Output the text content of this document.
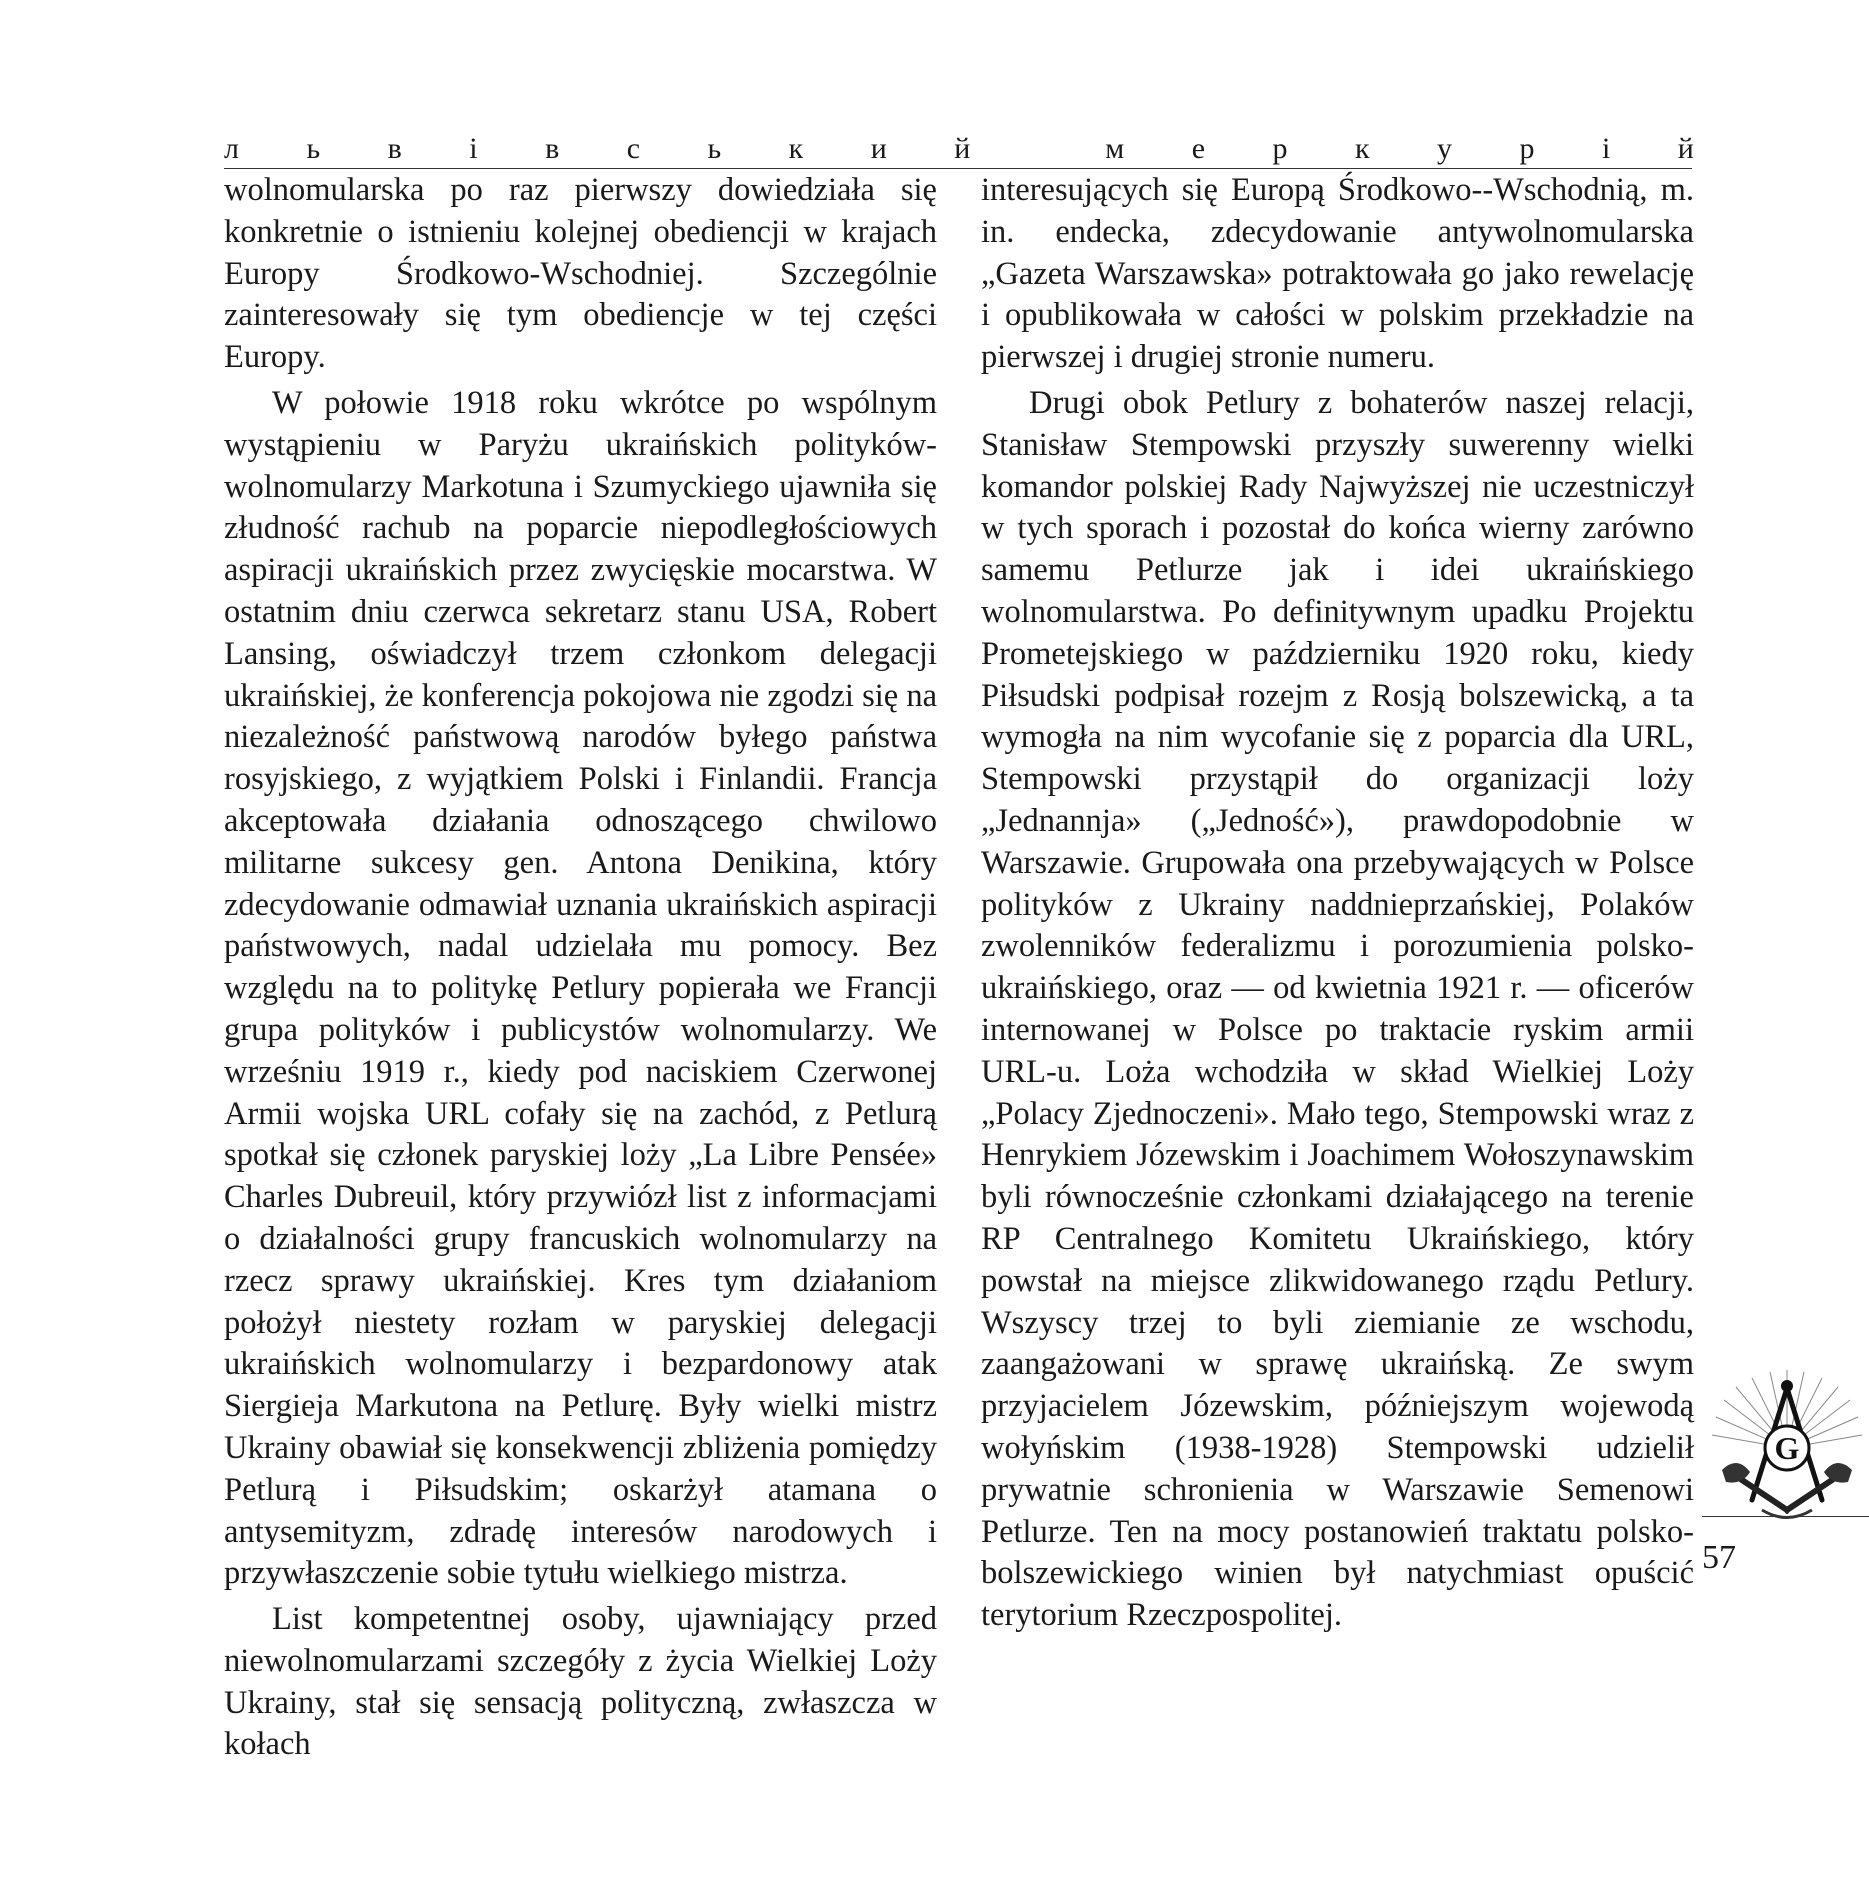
л ь в і в с ь к и й	м е р к у р і й

wolnomularska po raz pierwszy dowiedziała się konkretnie o istnieniu kolejnej obediencji w krajach Europy Środkowo-Wschodniej. Szczególnie zainteresowały się tym obediencje w tej części Europy.

W połowie 1918 roku wkrótce po wspólnym wystąpieniu w Paryżu ukraińskich polityków-wolnomularzy Markotuna i Szumyckiego ujawniła się złudność rachub na poparcie niepodległościowych aspiracji ukraińskich przez zwycięskie mocarstwa. W ostatnim dniu czerwca sekretarz stanu USA, Robert Lansing, oświadczył trzem członkom delegacji ukraińskiej, że konferencja pokojowa nie zgodzi się na niezależność państwową narodów byłego państwa rosyjskiego, z wyjątkiem Polski i Finlandii. Francja akceptowała działania odnoszącego chwilowo militarne sukcesy gen. Antona Denikina, który zdecydowanie odmawiał uznania ukraińskich aspiracji państwowych, nadal udzielała mu pomocy. Bez względu na to politykę Petlury popierała we Francji grupa polityków i publicystów wolnomularzy. We wrześniu 1919 r., kiedy pod naciskiem Czerwonej Armii wojska URL cofały się na zachód, z Petlurą spotkał się członek paryskiej loży „La Libre Pensée» Charles Dubreuil, który przywiózł list z informacjami o działalności grupy francuskich wolnomularzy na rzecz sprawy ukraińskiej. Kres tym działaniom położył niestety rozłam w paryskiej delegacji ukraińskich wolnomularzy i bezpardonowy atak Siergieja Markutona na Petlurę. Były wielki mistrz Ukrainy obawiał się konsekwencji zbliżenia pomiędzy Petlurą i Piłsudskim; oskarżył atamana o antysemityzm, zdradę interesów narodowych i przywłaszczenie sobie tytułu wielkiego mistrza.

List kompetentnej osoby, ujawniający przed niewolnomularzami szczegóły z życia Wielkiej Loży Ukrainy, stał się sensacją polityczną, zwłaszcza w kołach

interesujących się Europą Środkowo--Wschodnią, m. in. endecka, zdecydowanie antywolnomularska „Gazeta Warszawska» potraktowała go jako rewelację i opublikowała w całości w polskim przekładzie na pierwszej i drugiej stronie numeru.

Drugi obok Petlury z bohaterów naszej relacji, Stanisław Stempowski przyszły suwerenny wielki komandor polskiej Rady Najwyższej nie uczestniczył w tych sporach i pozostał do końca wierny zarówno samemu Petlurze jak i idei ukraińskiego wolnomularstwa. Po definitywnym upadku Projektu Prometejskiego w październiku 1920 roku, kiedy Piłsudski podpisał rozejm z Rosją bolszewicką, a ta wymogła na nim wycofanie się z poparcia dla URL, Stempowski przystąpił do organizacji loży „Jednannja» („Jedność»), prawdopodobnie w Warszawie. Grupowała ona przebywających w Polsce polityków z Ukrainy naddnieprzańskiej, Polaków zwolenników federalizmu i porozumienia polsko-ukraińskiego, oraz — od kwietnia 1921 r. — oficerów internowanej w Polsce po traktacie ryskim armii URL-u. Loża wchodziła w skład Wielkiej Loży „Polacy Zjednoczeni». Mało tego, Stempowski wraz z Henrykiem Józewskim i Joachimem Wołoszynawskim byli równocześnie członkami działającego na terenie RP Centralnego Komitetu Ukraińskiego, który powstał na miejsce zlikwidowanego rządu Petlury. Wszyscy trzej to byli ziemianie ze wschodu, zaangażowani w sprawę ukraińską. Ze swym przyjacielem Józewskim, późniejszym wojewodą wołyńskim (1938-1928) Stempowski udzielił prywatnie schronienia w Warszawie Semenowi Petlurze. Ten na mocy postanowień traktatu polsko-bolszewickiego winien był natychmiast opuścić terytorium Rzeczpospolitej.

G
57
